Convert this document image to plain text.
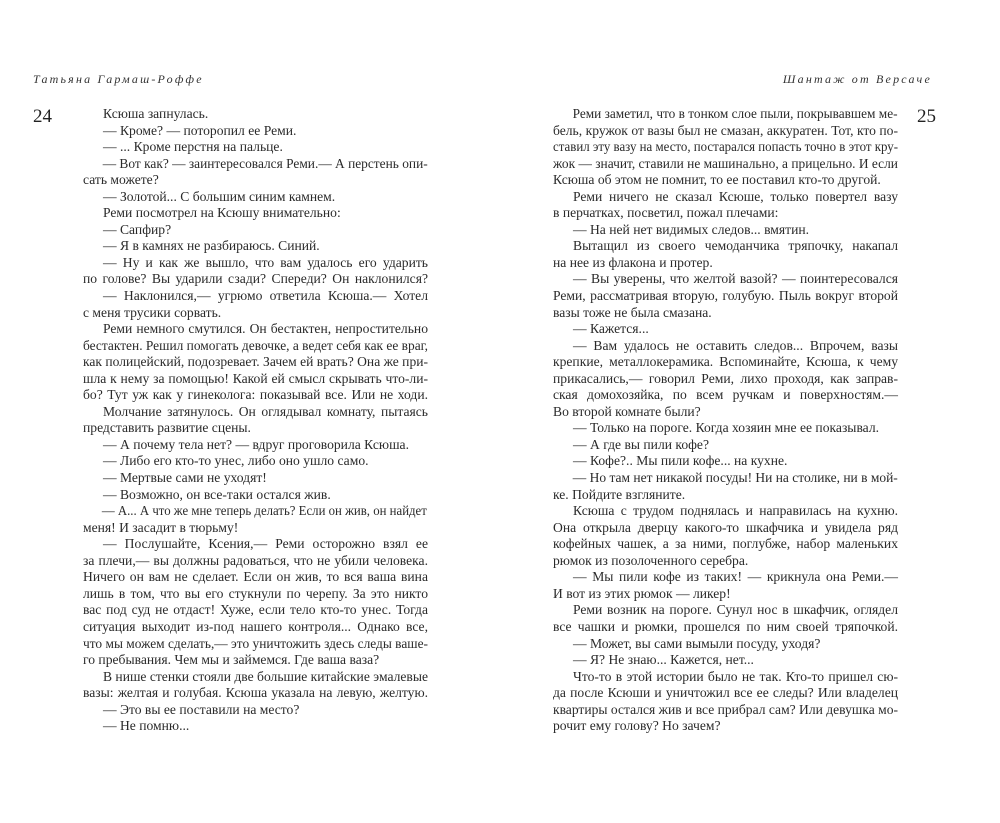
Татьяна Гармаш-Роффе	Шантаж от Версаче
24	25
Ксюша запнулась.
— Кроме? — поторопил ее Реми.
— ... Кроме перстня на пальце.
— Вот как? — заинтересовался Реми.— А перстень опи-
сать можете?
— Золотой... С большим синим камнем.
Реми посмотрел на Ксюшу внимательно:
— Сапфир?
— Я в камнях не разбираюсь. Синий.
— Ну и как же вышло, что вам удалось его ударить
по голове? Вы ударили сзади? Спереди? Он наклонился?
— Наклонился,— угрюмо ответила Ксюша.— Хотел
с меня трусики сорвать.
Реми немного смутился. Он бестактен, непростительно
бестактен. Решил помогать девочке, а ведет себя как ее враг,
как полицейский, подозревает. Зачем ей врать? Она же при-
шла к нему за помощью! Какой ей смысл скрывать что-ли-
бо? Тут уж как у гинеколога: показывай все. Или не ходи.
Молчание затянулось. Он оглядывал комнату, пытаясь
представить развитие сцены.
— А почему тела нет? — вдруг проговорила Ксюша.
— Либо его кто-то унес, либо оно ушло само.
— Мертвые сами не уходят!
— Возможно, он все-таки остался жив.
— А... А что же мне теперь делать? Если он жив, он найдет
меня! И засадит в тюрьму!
— Послушайте, Ксения,— Реми осторожно взял ее
за плечи,— вы должны радоваться, что не убили человека.
Ничего он вам не сделает. Если он жив, то вся ваша вина
лишь в том, что вы его стукнули по черепу. За это никто
вас под суд не отдаст! Хуже, если тело кто-то унес. Тогда
ситуация выходит из-под нашего контроля... Однако все,
что мы можем сделать,— это уничтожить здесь следы ваше-
го пребывания. Чем мы и займемся. Где ваша ваза?
В нише стенки стояли две большие китайские эмалевые
вазы: желтая и голубая. Ксюша указала на левую, желтую.
— Это вы ее поставили на место?
— Не помню...
Реми заметил, что в тонком слое пыли, покрывавшем ме-
бель, кружок от вазы был не смазан, аккуратен. Тот, кто по-
ставил эту вазу на место, постарался попасть точно в этот кру-
жок — значит, ставили не машинально, а прицельно. И если
Ксюша об этом не помнит, то ее поставил кто-то другой.
Реми ничего не сказал Ксюше, только повертел вазу
в перчатках, посветил, пожал плечами:
— На ней нет видимых следов... вмятин.
Вытащил из своего чемоданчика тряпочку, накапал
на нее из флакона и протер.
— Вы уверены, что желтой вазой? — поинтересовался
Реми, рассматривая вторую, голубую. Пыль вокруг второй
вазы тоже не была смазана.
— Кажется...
— Вам удалось не оставить следов... Впрочем, вазы
крепкие, металлокерамика. Вспоминайте, Ксюша, к чему
прикасались,— говорил Реми, лихо проходя, как заправ-
ская домохозяйка, по всем ручкам и поверхностям.—
Во второй комнате были?
— Только на пороге. Когда хозяин мне ее показывал.
— А где вы пили кофе?
— Кофе?.. Мы пили кофе... на кухне.
— Но там нет никакой посуды! Ни на столике, ни в мой-
ке. Пойдите взгляните.
Ксюша с трудом поднялась и направилась на кухню.
Она открыла дверцу какого-то шкафчика и увидела ряд
кофейных чашек, а за ними, поглубже, набор маленьких
рюмок из позолоченного серебра.
— Мы пили кофе из таких! — крикнула она Реми.—
И вот из этих рюмок — ликер!
Реми возник на пороге. Сунул нос в шкафчик, оглядел
все чашки и рюмки, прошелся по ним своей тряпочкой.
— Может, вы сами вымыли посуду, уходя?
— Я? Не знаю... Кажется, нет...
Что-то в этой истории было не так. Кто-то пришел сю-
да после Ксюши и уничтожил все ее следы? Или владелец
квартиры остался жив и все прибрал сам? Или девушка мо-
рочит ему голову? Но зачем?
